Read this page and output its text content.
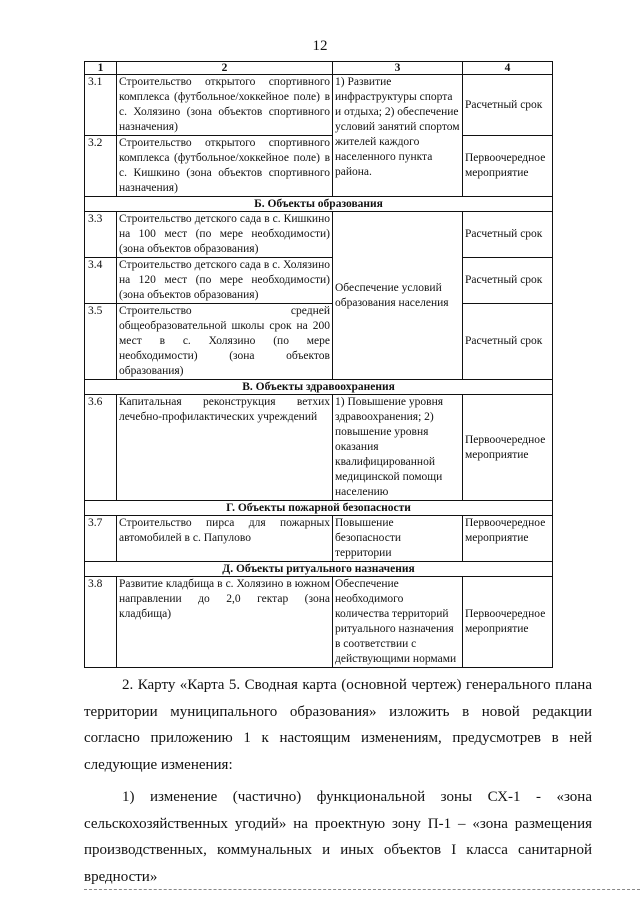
12
1	2	3	4
3.1	Строительство открытого спортивного комплекса (футбольное/хоккейное поле) в с. Холязино (зона объектов спортивного назначения)	1) Развитие инфраструктуры спорта и отдыха; 2) обеспечение условий занятий спортом жителей каждого населенного пункта района.	Расчетный срок
3.2	Строительство открытого спортивного комплекса (футбольное/хоккейное поле) в с. Кишкино (зона объектов спортивного назначения)		Первоочередное мероприятие
Б. Объекты образования			
3.3	Строительство детского сада в с. Кишкино на 100 мест (по мере необходимости) (зона объектов образования)	Обеспечение условий образования населения	Расчетный срок
3.4	Строительство детского сада в с. Холязино на 120 мест (по мере необходимости) (зона объектов образования)		Расчетный срок
3.5	Строительство средней общеобразовательной школы срок на 200 мест в с. Холязино (по мере необходимости) (зона объектов образования)		Расчетный срок
В. Объекты здравоохранения			
3.6	Капитальная реконструкция ветхих лечебно-профилактических учреждений	1) Повышение уровня здравоохранения; 2) повышение уровня оказания квалифицированной медицинской помощи населению	Первоочередное мероприятие
Г. Объекты пожарной безопасности			
3.7	Строительство пирса для пожарных автомобилей в с. Папулово	Повышение безопасности территории	Первоочередное мероприятие
Д. Объекты ритуального назначения			
3.8	Развитие кладбища в с. Холязино в южном направлении до 2,0 гектар (зона кладбища)	Обеспечение необходимого количества территорий ритуального назначения в соответствии с действующими нормами	Первоочередное мероприятие

2. Карту «Карта 5. Сводная карта (основной чертеж) генерального плана территории муниципального образования» изложить в новой редакции согласно приложению 1 к настоящим изменениям, предусмотрев в ней следующие изменения:

1) изменение (частично) функциональной зоны СХ-1 - «зона сельскохозяйственных угодий» на проектную зону П-1 – «зона размещения производственных, коммунальных и иных объектов I класса санитарной вредности»
